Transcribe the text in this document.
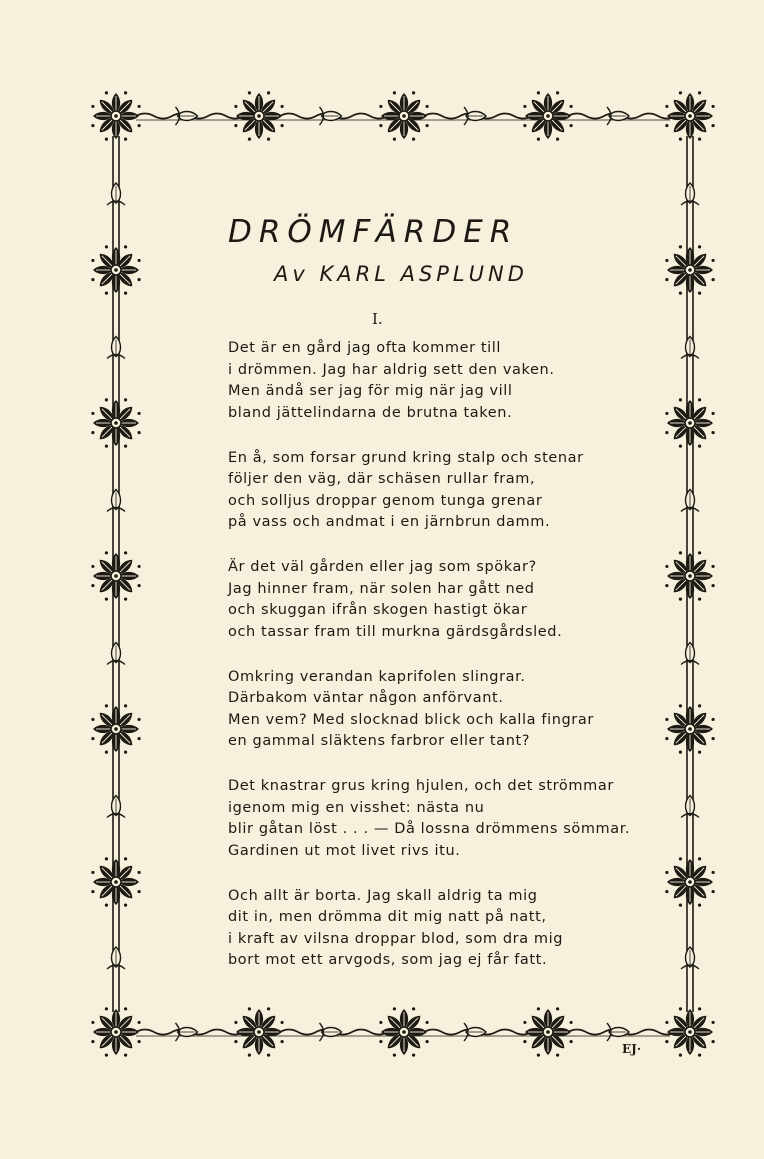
DRÖMFÄRDER
Av KARL ASPLUND
I.
Det är en gård jag ofta kommer till
i drömmen. Jag har aldrig sett den vaken.
Men ändå ser jag för mig när jag vill
bland jättelindarna de brutna taken.
En å, som forsar grund kring stalp och stenar
följer den väg, där schäsen rullar fram,
och solljus droppar genom tunga grenar
på vass och andmat i en järnbrun damm.
Är det väl gården eller jag som spökar?
Jag hinner fram, när solen har gått ned
och skuggan ifrån skogen hastigt ökar
och tassar fram till murkna gärdsgårdsled.
Omkring verandan kaprifolen slingrar.
Därbakom väntar någon anförvant.
Men vem? Med slocknad blick och kalla fingrar
en gammal släktens farbror eller tant?
Det knastrar grus kring hjulen, och det strömmar
igenom mig en visshet: nästa nu
blir gåtan löst . . . — Då lossna drömmens sömmar.
Gardinen ut mot livet rivs itu.
Och allt är borta. Jag skall aldrig ta mig
dit in, men drömma dit mig natt på natt,
i kraft av vilsna droppar blod, som dra mig
bort mot ett arvgods, som jag ej får fatt.
EJ·
